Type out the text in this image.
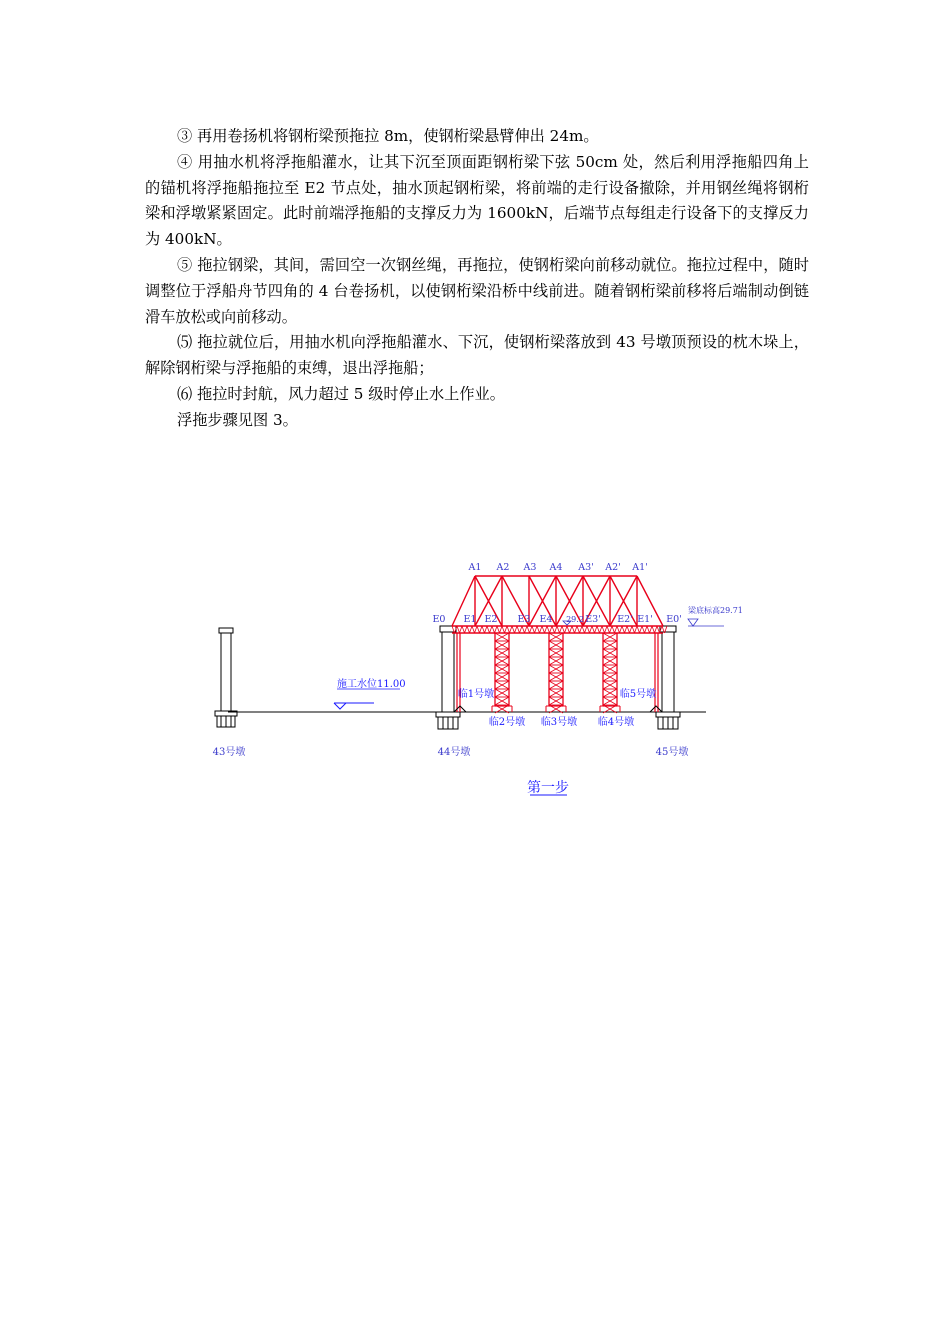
③ 再用卷扬机将钢桁梁预拖拉 8m，使钢桁梁悬臂伸出 24m。

④ 用抽水机将浮拖船灌水，让其下沉至顶面距钢桁梁下弦 50cm 处，然后利用浮拖船四角上的锚机将浮拖船拖拉至 E2 节点处，抽水顶起钢桁梁，将前端的走行设备撤除，并用钢丝绳将钢桁梁和浮墩紧紧固定。此时前端浮拖船的支撑反力为 1600kN，后端节点每组走行设备下的支撑反力为 400kN。

⑤ 拖拉钢梁，其间，需回空一次钢丝绳，再拖拉，使钢桁梁向前移动就位。拖拉过程中，随时调整位于浮船舟节四角的 4 台卷扬机，以使钢桁梁沿桥中线前进。随着钢桁梁前移将后端制动倒链滑车放松或向前移动。

⑸ 拖拉就位后，用抽水机向浮拖船灌水、下沉，使钢桁梁落放到 43 号墩顶预设的枕木垛上，解除钢桁梁与浮拖船的束缚，退出浮拖船；

⑹ 拖拉时封航，风力超过 5 级时停止水上作业。

浮拖步骤见图 3。

A1 A2 A3 A4 A3' A2' A1'
E0 E1 E2 E3 E4 29.2 E3' E2' E1' E0'
梁底标高29.71
施工水位11.00
43号墩	44号墩	45号墩
临1号墩
临2号墩 临3号墩 临4号墩
临5号墩
第一步
